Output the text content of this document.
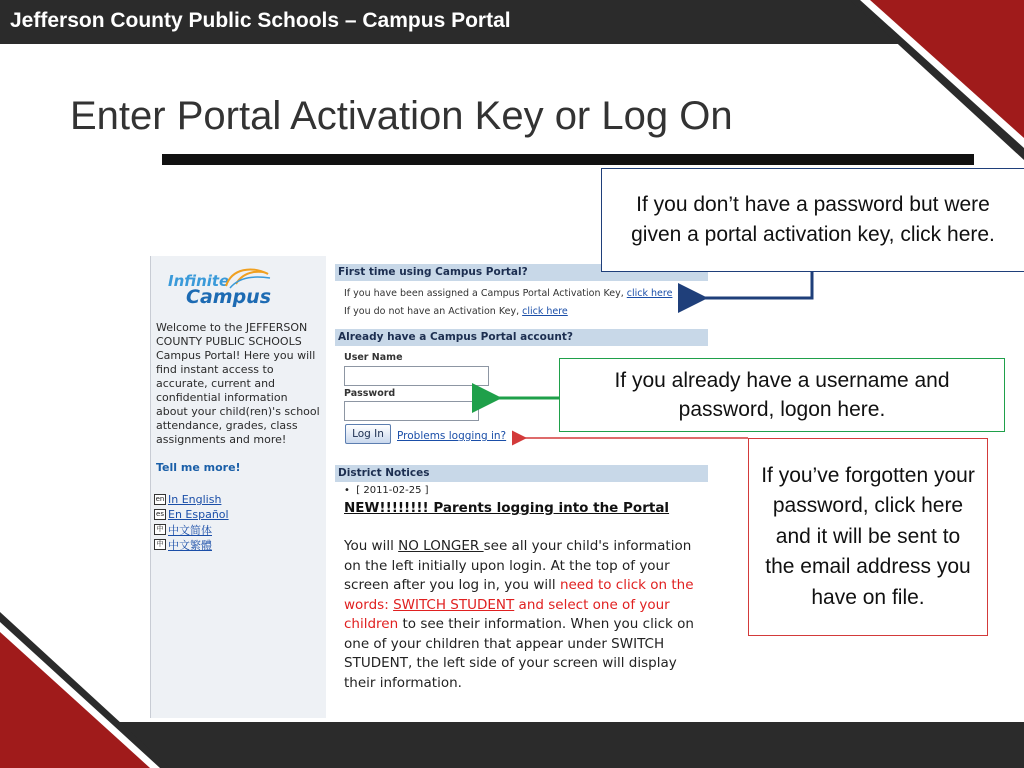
Jefferson County Public Schools – Campus Portal
Enter Portal Activation Key or Log On
Infinite
Campus
Welcome to the JEFFERSON COUNTY PUBLIC SCHOOLS Campus Portal! Here you will find instant access to accurate, current and confidential information about your child(ren)'s school attendance, grades, class assignments and more!
Tell me more!
en In English
es En Español
中 中文简体
中 中文繁體
First time using Campus Portal?
If you have been assigned a Campus Portal Activation Key, click here
If you do not have an Activation Key, click here
Already have a Campus Portal account?
User Name
Password
Log In	Problems logging in?
District Notices
•  [ 2011-02-25 ]
NEW!!!!!!!! Parents logging into the Portal
You will NO LONGER see all your child's information on the left initially upon login. At the top of your screen after you log in, you will need to click on the words: SWITCH STUDENT and select one of your children to see their information. When you click on one of your children that appear under SWITCH STUDENT, the left side of your screen will display their information.
If you don’t have a password but were given a portal activation key, click here.
If you already have a username and password, logon here.
If you’ve forgotten your password, click here and it will be sent to the email address you have on file.
